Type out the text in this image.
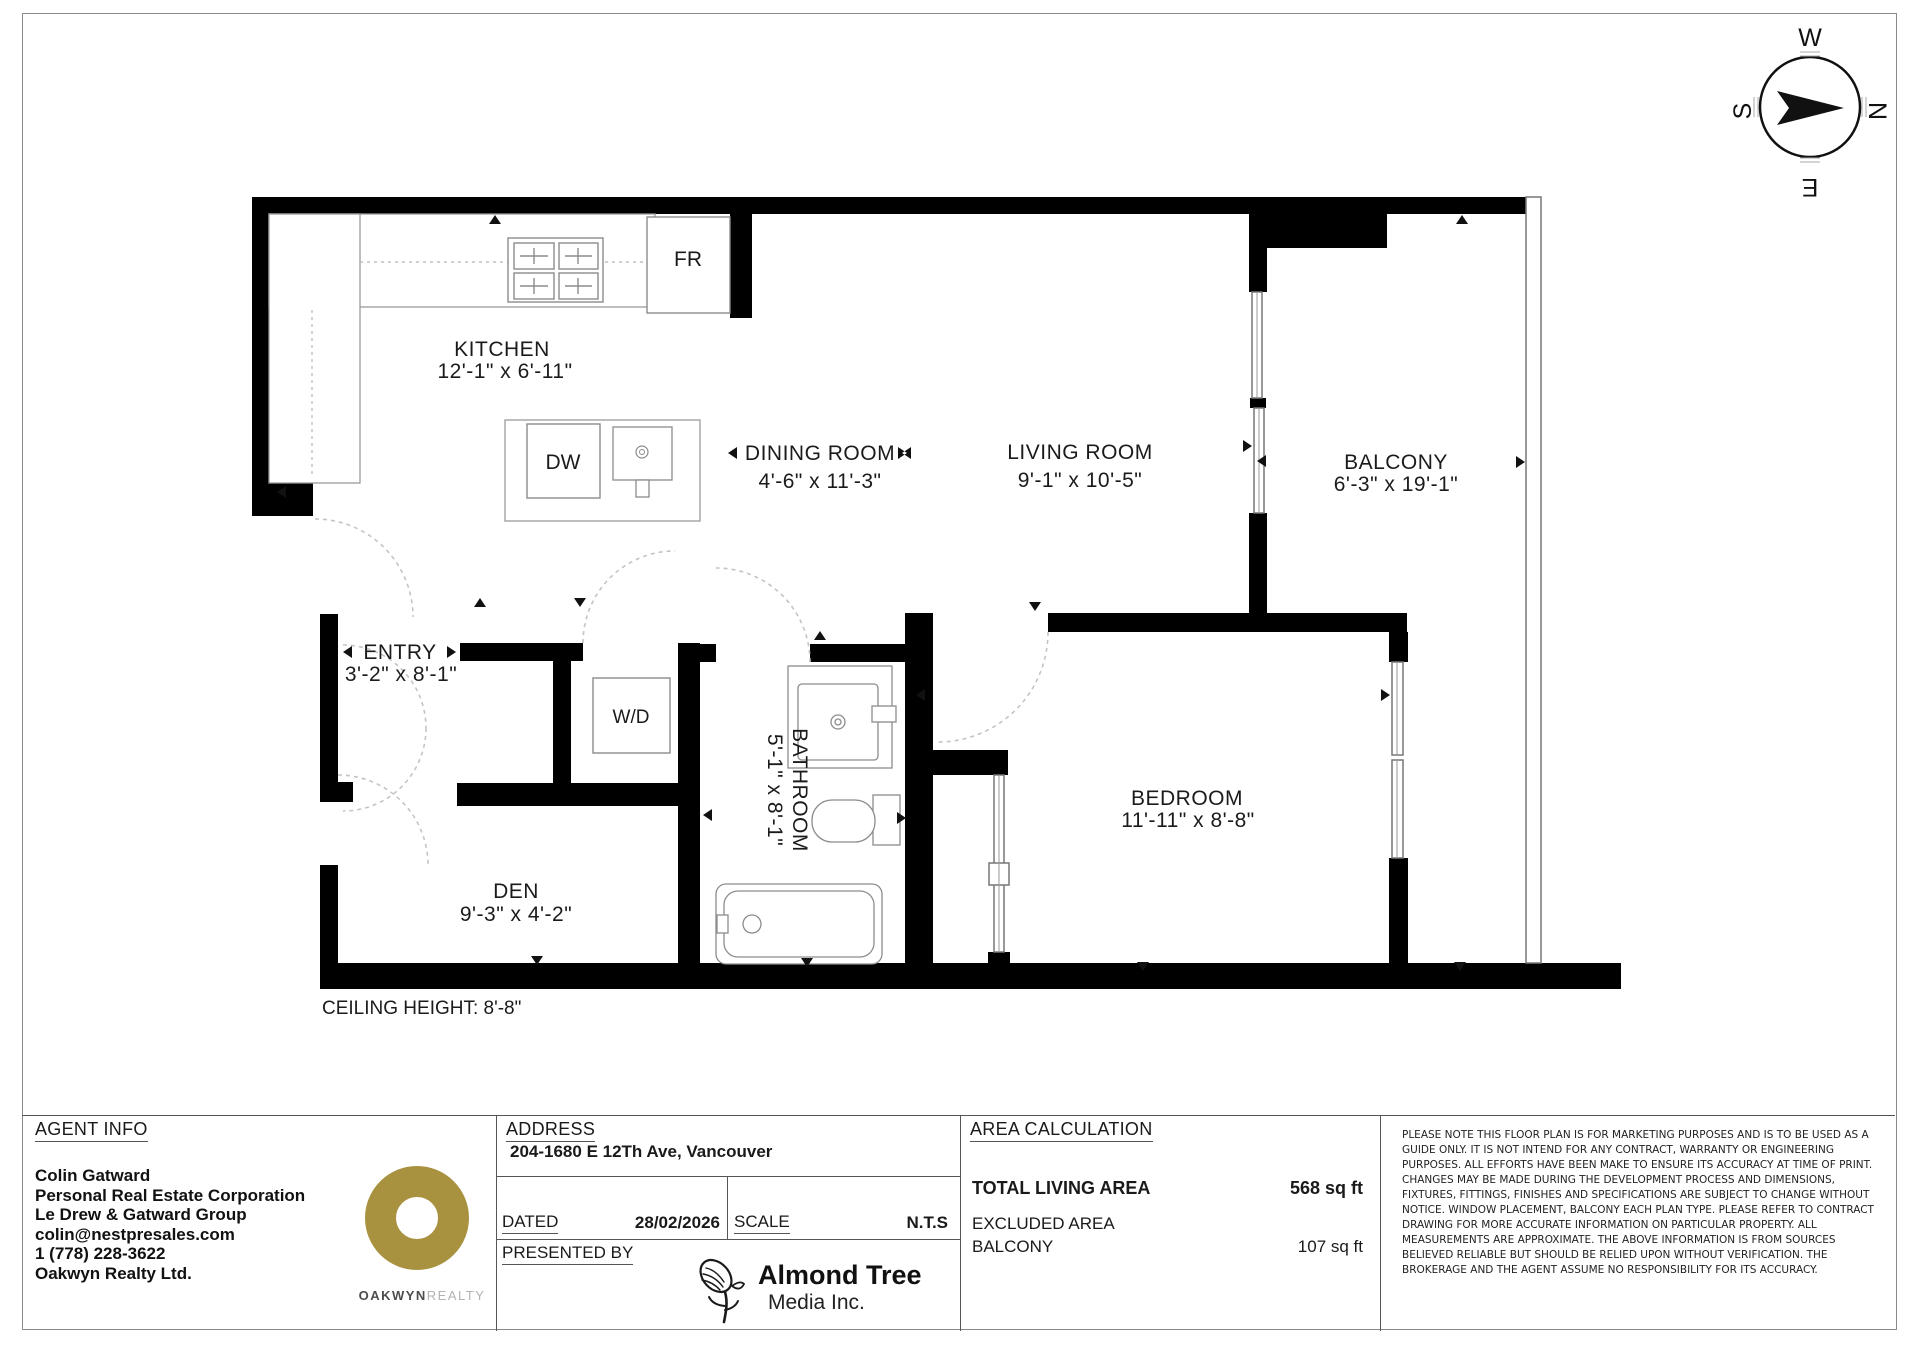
FR
DW
W/D
KITCHEN
12'-1" x 6'-11"
DINING ROOM
4'-6" x 11'-3"
LIVING ROOM
9'-1" x 10'-5"
BALCONY
6'-3" x 19'-1"
ENTRY
3'-2" x 8'-1"
BATHROOM
5'-1" x 8'-1"
DEN
9'-3" x 4'-2"
BEDROOM
11'-11" x 8'-8"
CEILING HEIGHT: 8'-8"
W
N
E
S
AGENT INFO
Colin Gatward
Personal Real Estate Corporation
Le Drew & Gatward Group
colin@nestpresales.com
1 (778) 228-3622
Oakwyn Realty Ltd.
OAKWYNREALTY
ADDRESS
204-1680 E 12Th Ave, Vancouver
DATED	28/02/2026 SCALE	N.T.S
PRESENTED BY
Almond Tree
Media Inc.
AREA CALCULATION
TOTAL LIVING AREA	568 sq ft
EXCLUDED AREA
BALCONY	107 sq ft
PLEASE NOTE THIS FLOOR PLAN IS FOR MARKETING PURPOSES AND IS TO BE USED AS A GUIDE ONLY. IT IS NOT INTEND FOR ANY CONTRACT, WARRANTY OR ENGINEERING PURPOSES. ALL EFFORTS HAVE BEEN MAKE TO ENSURE ITS ACCURACY AT TIME OF PRINT. CHANGES MAY BE MADE DURING THE DEVELOPMENT PROCESS AND DIMENSIONS, FIXTURES, FITTINGS, FINISHES AND SPECIFICATIONS ARE SUBJECT TO CHANGE WITHOUT NOTICE. WINDOW PLACEMENT, BALCONY EACH PLAN TYPE. PLEASE REFER TO CONTRACT DRAWING FOR MORE ACCURATE INFORMATION ON PARTICULAR PROPERTY. ALL MEASUREMENTS ARE APPROXIMATE. THE ABOVE INFORMATION IS FROM SOURCES BELIEVED RELIABLE BUT SHOULD BE RELIED UPON WITHOUT VERIFICATION. THE BROKERAGE AND THE AGENT ASSUME NO RESPONSIBILITY FOR ITS ACCURACY.
